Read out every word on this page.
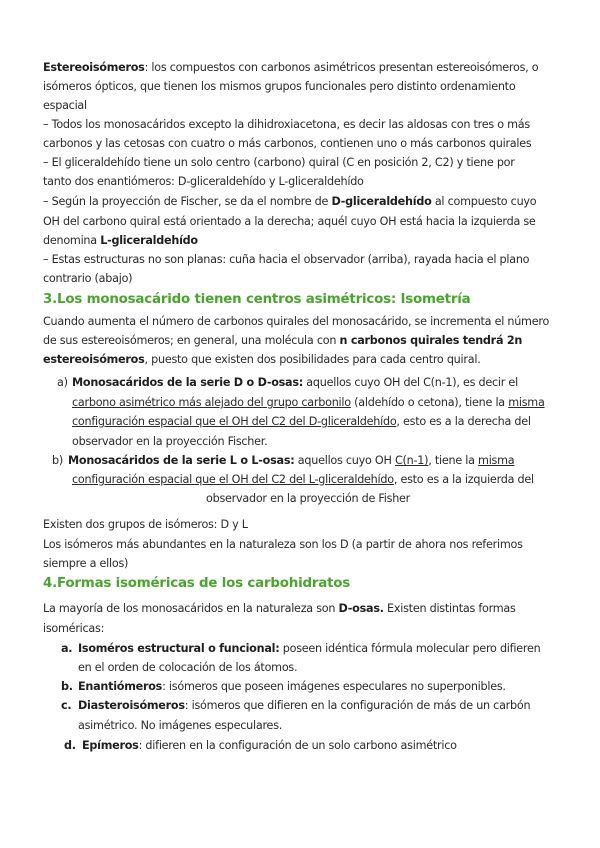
Estereoisómeros: los compuestos con carbonos asimétricos presentan estereoisómeros, o
isómeros ópticos, que tienen los mismos grupos funcionales pero distinto ordenamiento
espacial
– Todos los monosacáridos excepto la dihidroxiacetona, es decir las aldosas con tres o más
carbonos y las cetosas con cuatro o más carbonos, contienen uno o más carbonos quirales
– El gliceraldehído tiene un solo centro (carbono) quiral (C en posición 2, C2) y tiene por
tanto dos enantiómeros: D-gliceraldehído y L-gliceraldehído
– Según la proyección de Fischer, se da el nombre de D-gliceraldehído al compuesto cuyo
OH del carbono quiral está orientado a la derecha; aquél cuyo OH está hacia la izquierda se
denomina L-gliceraldehído
– Estas estructuras no son planas: cuña hacia el observador (arriba), rayada hacia el plano
contrario (abajo)
3.Los monosacárido tienen centros asimétricos: Isometría
Cuando aumenta el número de carbonos quirales del monosacárido, se incrementa el número
de sus estereoisómeros; en general, una molécula con n carbonos quirales tendrá 2n
estereoisómeros, puesto que existen dos posibilidades para cada centro quiral.
a) Monosacáridos de la serie D o D-osas: aquellos cuyo OH del C(n-1), es decir el
carbono asimétrico más alejado del grupo carbonilo (aldehído o cetona), tiene la misma
configuración espacial que el OH del C2 del D-gliceraldehído, esto es a la derecha del
observador en la proyección Fischer.
b) Monosacáridos de la serie L o L-osas: aquellos cuyo OH C(n-1), tiene la misma
configuración espacial que el OH del C2 del L-gliceraldehído, esto es a la izquierda del
observador en la proyección de Fisher
Existen dos grupos de isómeros: D y L
Los isómeros más abundantes en la naturaleza son los D (a partir de ahora nos referimos
siempre a ellos)
4.Formas isoméricas de los carbohidratos
La mayoría de los monosacáridos en la naturaleza son D-osas. Existen distintas formas
isoméricas:
a. Isoméros estructural o funcional: poseen idéntica fórmula molecular pero difieren
en el orden de colocación de los átomos.
b. Enantiómeros: isómeros que poseen imágenes especulares no superponibles.
c. Diasteroisómeros: isómeros que difieren en la configuración de más de un carbón
asimétrico. No imágenes especulares.
d. Epímeros: difieren en la configuración de un solo carbono asimétrico
